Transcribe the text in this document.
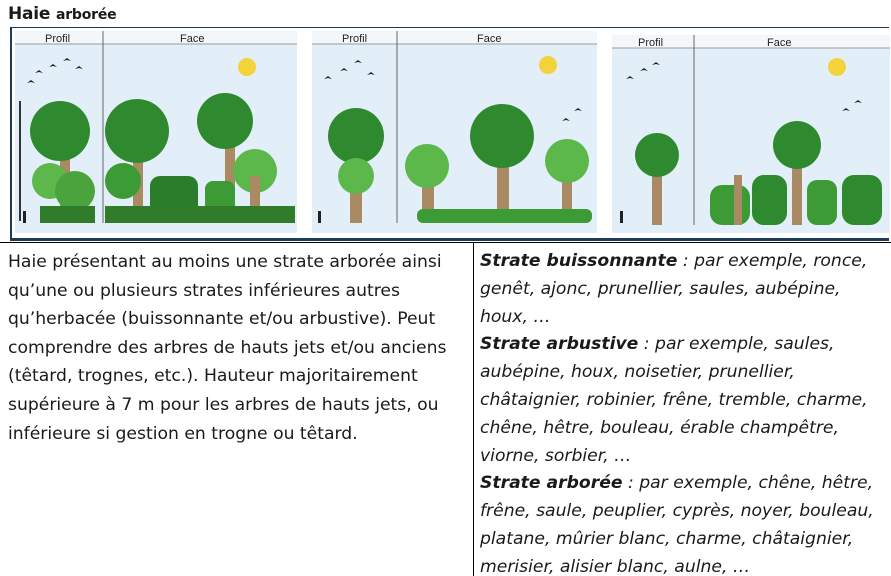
Haie arborée
Profil	Face	Profil	Face	Profil	Face
Haie présentant au moins une strate arborée ainsi qu’une ou plusieurs strates inférieures autres qu’herbacée (buissonnante et/ou arbustive). Peut comprendre des arbres de hauts jets et/ou anciens (têtard, trognes, etc.). Hauteur majoritairement supérieure à 7 m pour les arbres de hauts jets, ou inférieure si gestion en trogne ou têtard.
Strate buissonnante : par exemple, ronce, genêt, ajonc, prunellier, saules, aubépine, houx, …
Strate arbustive : par exemple, saules, aubépine, houx, noisetier, prunellier, châtaignier, robinier, frêne, tremble, charme, chêne, hêtre, bouleau, érable champêtre, viorne, sorbier, …
Strate arborée : par exemple, chêne, hêtre, frêne, saule, peuplier, cyprès, noyer, bouleau, platane, mûrier blanc, charme, châtaignier, merisier, alisier blanc, aulne, …
